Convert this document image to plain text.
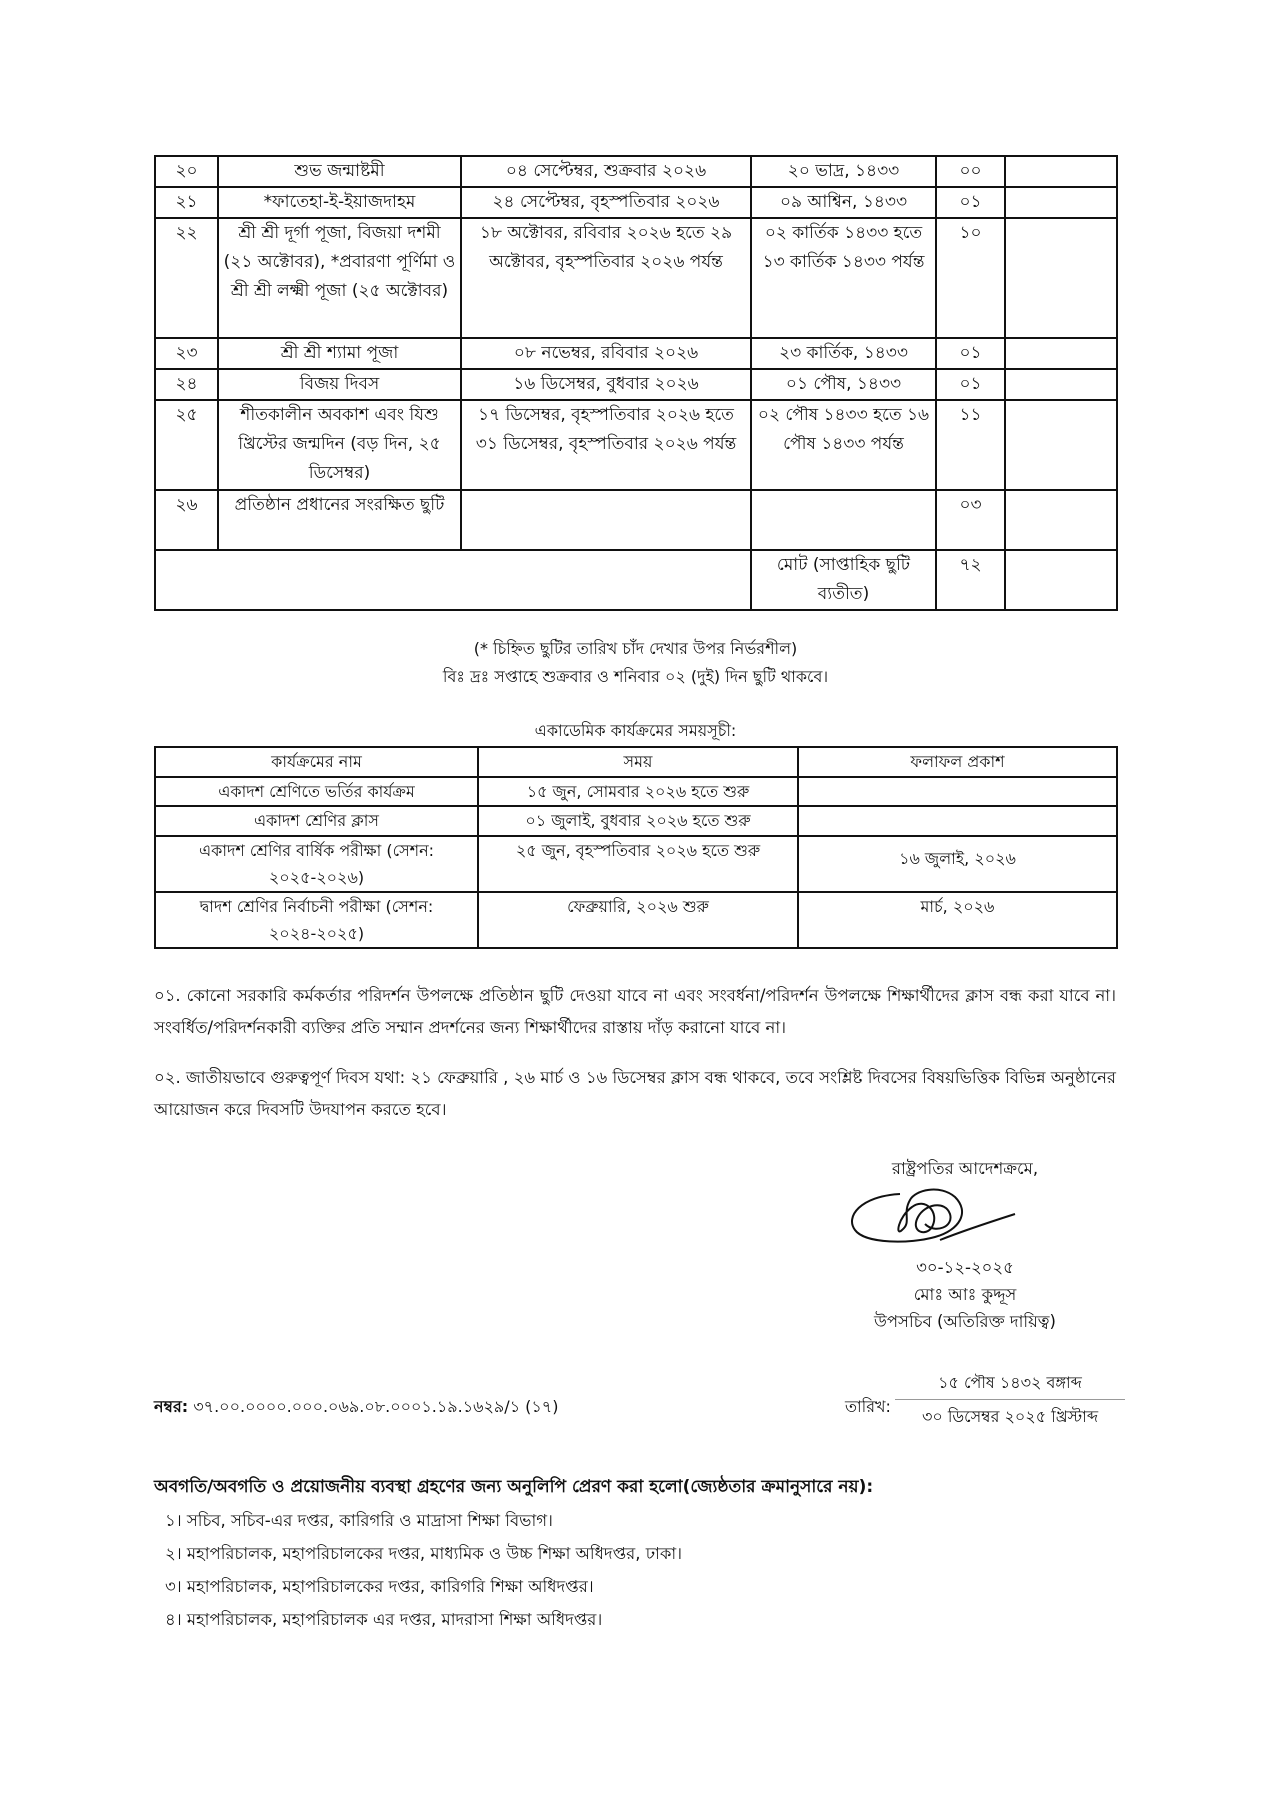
২০	শুভ জন্মাষ্টমী	০৪ সেপ্টেম্বর, শুক্রবার ২০২৬	২০ ভাদ্র, ১৪৩৩	০০	
২১	*ফাতেহা-ই-ইয়াজদাহম	২৪ সেপ্টেম্বর, বৃহস্পতিবার ২০২৬	০৯ আশ্বিন, ১৪৩৩	০১	
২২	শ্রী শ্রী দূর্গা পূজা, বিজয়া দশমী (২১ অক্টোবর), *প্রবারণা পূর্ণিমা ও শ্রী শ্রী লক্ষ্মী পূজা (২৫ অক্টোবর)	১৮ অক্টোবর, রবিবার ২০২৬ হতে ২৯ অক্টোবর, বৃহস্পতিবার ২০২৬ পর্যন্ত	০২ কার্তিক ১৪৩৩ হতে ১৩ কার্তিক ১৪৩৩ পর্যন্ত	১০	
২৩	শ্রী শ্রী শ্যামা পূজা	০৮ নভেম্বর, রবিবার ২০২৬	২৩ কার্তিক, ১৪৩৩	০১	
২৪	বিজয় দিবস	১৬ ডিসেম্বর, বুধবার ২০২৬	০১ পৌষ, ১৪৩৩	০১	
২৫	শীতকালীন অবকাশ এবং যিশু খ্রিস্টের জন্মদিন (বড় দিন, ২৫ ডিসেম্বর)	১৭ ডিসেম্বর, বৃহস্পতিবার ২০২৬ হতে ৩১ ডিসেম্বর, বৃহস্পতিবার ২০২৬ পর্যন্ত	০২ পৌষ ১৪৩৩ হতে ১৬ পৌষ ১৪৩৩ পর্যন্ত	১১	
২৬	প্রতিষ্ঠান প্রধানের সংরক্ষিত ছুটি			০৩	
			মোট (সাপ্তাহিক ছুটি ব্যতীত)	৭২	
(* চিহ্নিত ছুটির তারিখ চাঁদ দেখার উপর নির্ভরশীল)
বিঃ দ্রঃ সপ্তাহে শুক্রবার ও শনিবার ০২ (দুই) দিন ছুটি থাকবে।
একাডেমিক কার্যক্রমের সময়সূচী:
কার্যক্রমের নাম	সময়	ফলাফল প্রকাশ
একাদশ শ্রেণিতে ভর্তির কার্যক্রম	১৫ জুন, সোমবার ২০২৬ হতে শুরু	
একাদশ শ্রেণির ক্লাস	০১ জুলাই, বুধবার ২০২৬ হতে শুরু	
একাদশ শ্রেণির বার্ষিক পরীক্ষা (সেশন: ২০২৫-২০২৬)	২৫ জুন, বৃহস্পতিবার ২০২৬ হতে শুরু	১৬ জুলাই, ২০২৬
দ্বাদশ শ্রেণির নির্বাচনী পরীক্ষা (সেশন: ২০২৪-২০২৫)	ফেব্রুয়ারি, ২০২৬ শুরু	মার্চ, ২০২৬
০১. কোনো সরকারি কর্মকর্তার পরিদর্শন উপলক্ষে প্রতিষ্ঠান ছুটি দেওয়া যাবে না এবং সংবর্ধনা/পরিদর্শন উপলক্ষে শিক্ষার্থীদের ক্লাস বন্ধ করা যাবে না। সংবর্ধিত/পরিদর্শনকারী ব্যক্তির প্রতি সম্মান প্রদর্শনের জন্য শিক্ষার্থীদের রাস্তায় দাঁড় করানো যাবে না।
০২. জাতীয়ভাবে গুরুত্বপূর্ণ দিবস যথা: ২১ ফেব্রুয়ারি , ২৬ মার্চ ও ১৬ ডিসেম্বর ক্লাস বন্ধ থাকবে, তবে সংশ্লিষ্ট দিবসের বিষয়ভিত্তিক বিভিন্ন অনুষ্ঠানের আয়োজন করে দিবসটি উদযাপন করতে হবে।
রাষ্ট্রপতির আদেশক্রমে,
৩০-১২-২০২৫
মোঃ আঃ কুদ্দূস
উপসচিব (অতিরিক্ত দায়িত্ব)
নম্বর: ৩৭.০০.০০০০.০০০.০৬৯.০৮.০০০১.১৯.১৬২৯/১ (১৭)	তারিখ:
১৫ পৌষ ১৪৩২ বঙ্গাব্দ
৩০ ডিসেম্বর ২০২৫ খ্রিস্টাব্দ
অবগতি/অবগতি ও প্রয়োজনীয় ব্যবস্থা গ্রহণের জন্য অনুলিপি প্রেরণ করা হলো(জ্যেষ্ঠতার ক্রমানুসারে নয়):
১। সচিব, সচিব-এর দপ্তর, কারিগরি ও মাদ্রাসা শিক্ষা বিভাগ।
২। মহাপরিচালক, মহাপরিচালকের দপ্তর, মাধ্যমিক ও উচ্চ শিক্ষা অধিদপ্তর, ঢাকা।
৩। মহাপরিচালক, মহাপরিচালকের দপ্তর, কারিগরি শিক্ষা অধিদপ্তর।
৪। মহাপরিচালক, মহাপরিচালক এর দপ্তর, মাদরাসা শিক্ষা অধিদপ্তর।
